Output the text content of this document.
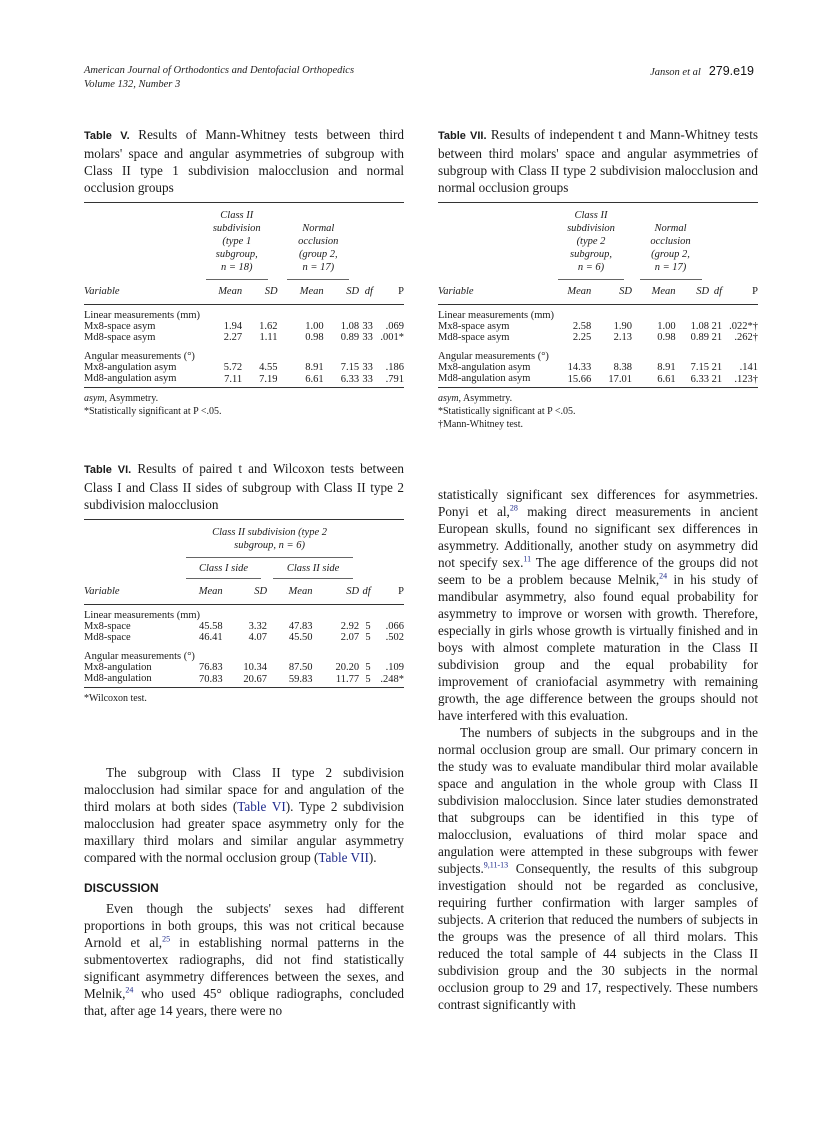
American Journal of Orthodontics and Dentofacial Orthopedics
Volume 132, Number 3
Janson et al 279.e19

Table V. Results of Mann-Whitney tests between third molars' space and angular asymmetries of subgroup with Class II type 1 subdivision malocclusion and normal occlusion groups

Class II
subdivision
(type 1
subgroup,
n = 18)

Normal
occlusion
(group 2,
n = 17)

Variable	Mean	SD	Mean	SD	df	P

Linear measurements (mm)						
Mx8-space asym	1.94	1.62	1.00	1.08	33	.069
Md8-space asym	2.27	1.11	0.98	0.89	33	.001*

Angular measurements (°)						
Mx8-angulation asym	5.72	4.55	8.91	7.15	33	.186
Md8-angulation asym	7.11	7.19	6.61	6.33	33	.791
asym, Asymmetry.
*Statistically significant at P <.05.

Table VII. Results of independent t and Mann-Whitney tests between third molars' space and angular asymmetries of subgroup with Class II type 2 subdivision malocclusion and normal occlusion groups

Class II
subdivision
(type 2
subgroup,
n = 6)

Normal
occlusion
(group 2,
n = 17)

Variable	Mean	SD	Mean	SD	df	P

Linear measurements (mm)						
Mx8-space asym	2.58	1.90	1.00	1.08	21	.022*†
Md8-space asym	2.25	2.13	0.98	0.89	21	.262†

Angular measurements (°)						
Mx8-angulation asym	14.33	8.38	8.91	7.15	21	.141
Md8-angulation asym	15.66	17.01	6.61	6.33	21	.123†
asym, Asymmetry.
*Statistically significant at P <.05.
†Mann-Whitney test.

Table VI. Results of paired t and Wilcoxon tests between Class I and Class II sides of subgroup with Class II type 2 subdivision malocclusion

	Class II subdivision (type 2
subgroup, n = 6)					

	Class I side		Class II side			

Variable	Mean	SD	Mean	SD	df	P

Linear measurements (mm)						
Mx8-space	45.58	3.32	47.83	2.92	5	.066
Md8-space	46.41	4.07	45.50	2.07	5	.502

Angular measurements (°)						
Mx8-angulation	76.83	10.34	87.50	20.20	5	.109
Md8-angulation	70.83	20.67	59.83	11.77	5	.248*
*Wilcoxon test.

The subgroup with Class II type 2 subdivision malocclusion had similar space for and angulation of the third molars at both sides (Table VI). Type 2 subdivision malocclusion had greater space asymmetry only for the maxillary third molars and similar angular asymmetry compared with the normal occlusion group (Table VII).

DISCUSSION

Even though the subjects' sexes had different proportions in both groups, this was not critical because Arnold et al,$^{25}$ in establishing normal patterns in the submentovertex radiographs, did not find statistically significant asymmetry differences between the sexes, and Melnik,$^{24}$ who used 45° oblique radiographs, concluded that, after age 14 years, there were no

statistically significant sex differences for asymmetries. Ponyi et al,$^{28}$ making direct measurements in ancient European skulls, found no significant sex differences in asymmetry. Additionally, another study on asymmetry did not specify sex.$^{11}$ The age difference of the groups did not seem to be a problem because Melnik,$^{24}$ in his study of mandibular asymmetry, also found equal probability for asymmetry to improve or worsen with growth. Therefore, especially in girls whose growth is virtually finished and in boys with almost complete maturation in the Class II subdivision group and the equal probability for improvement of craniofacial asymmetry with remaining growth, the age difference between the groups should not have interfered with this evaluation.

The numbers of subjects in the subgroups and in the normal occlusion group are small. Our primary concern in the study was to evaluate mandibular third molar available space and angulation in the whole group with Class II subdivision malocclusion. Since later studies demonstrated that subgroups can be identified in this type of malocclusion, evaluations of third molar space and angulation were attempted in these subgroups with fewer subjects.$^{9,11-13}$ Consequently, the results of this subgroup investigation should not be regarded as conclusive, requiring further confirmation with larger samples of subjects. A criterion that reduced the numbers of subjects in the groups was the presence of all third molars. This reduced the total sample of 44 subjects in the Class II subdivision group and the 30 subjects in the normal occlusion group to 29 and 17, respectively. These numbers contrast significantly with
